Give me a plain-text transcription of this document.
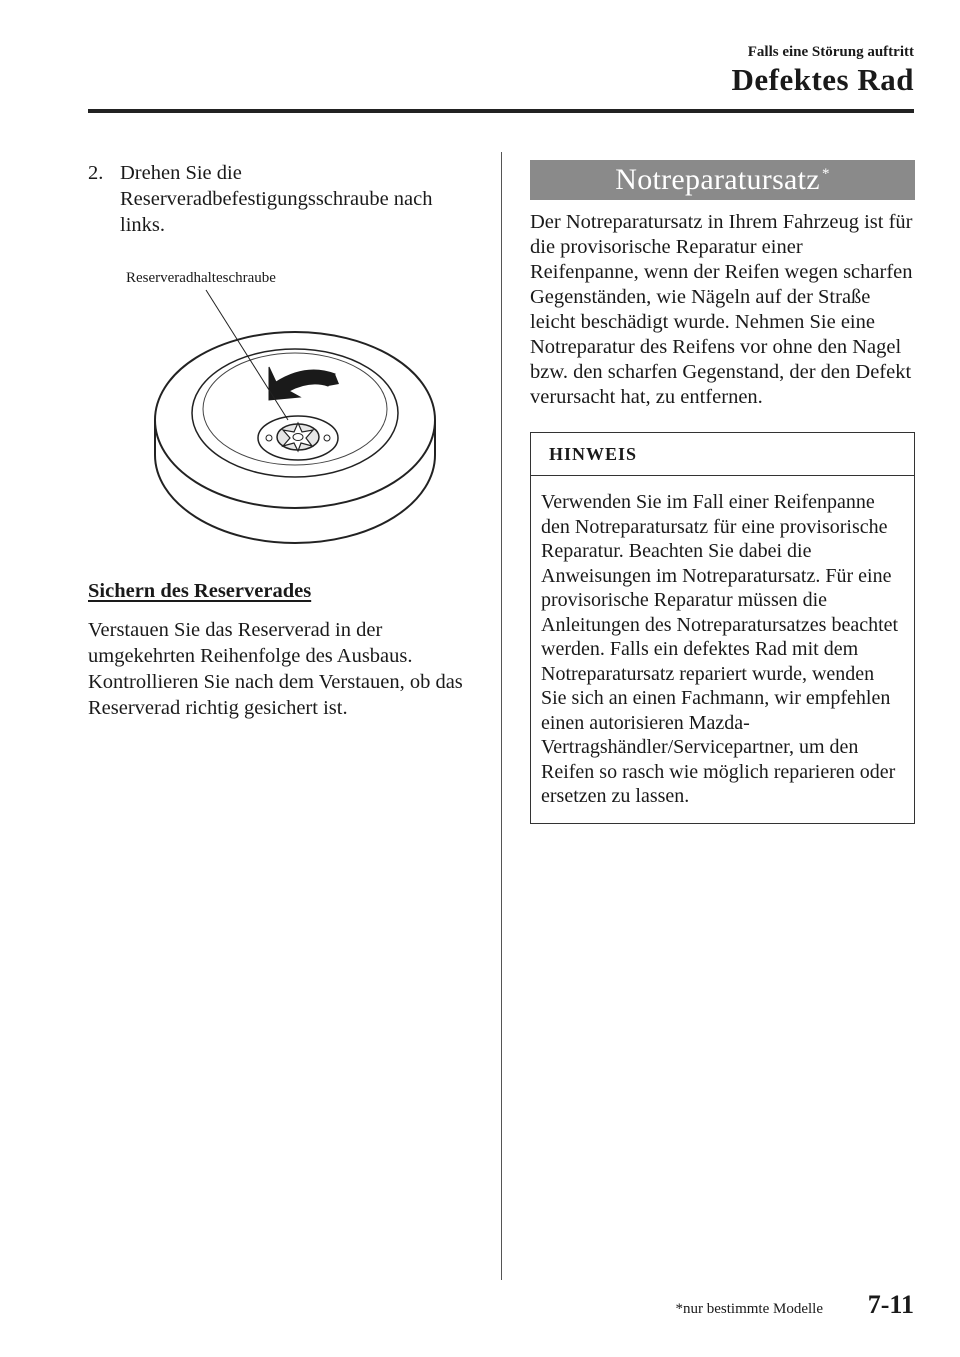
Falls eine Störung auftritt
Defektes Rad
2. Drehen Sie die Reserveradbefestigungsschraube nach links.
Reserveradhalteschraube
Sichern des Reserverades
Verstauen Sie das Reserverad in der umgekehrten Reihenfolge des Ausbaus. Kontrollieren Sie nach dem Verstauen, ob das Reserverad richtig gesichert ist.
Notreparatursatz*
Der Notreparatursatz in Ihrem Fahrzeug ist für die provisorische Reparatur einer Reifenpanne, wenn der Reifen wegen scharfen Gegenständen, wie Nägeln auf der Straße leicht beschädigt wurde. Nehmen Sie eine Notreparatur des Reifens vor ohne den Nagel bzw. den scharfen Gegenstand, der den Defekt verursacht hat, zu entfernen.
HINWEIS
Verwenden Sie im Fall einer Reifenpanne den Notreparatursatz für eine provisorische Reparatur. Beachten Sie dabei die Anweisungen im Notreparatursatz. Für eine provisorische Reparatur müssen die Anleitungen des Notreparatursatzes beachtet werden. Falls ein defektes Rad mit dem Notreparatursatz repariert wurde, wenden Sie sich an einen Fachmann, wir empfehlen einen autorisieren Mazda-Vertragshändler/Servicepartner, um den Reifen so rasch wie möglich reparieren oder ersetzen zu lassen.
*nur bestimmte Modelle 7-11
